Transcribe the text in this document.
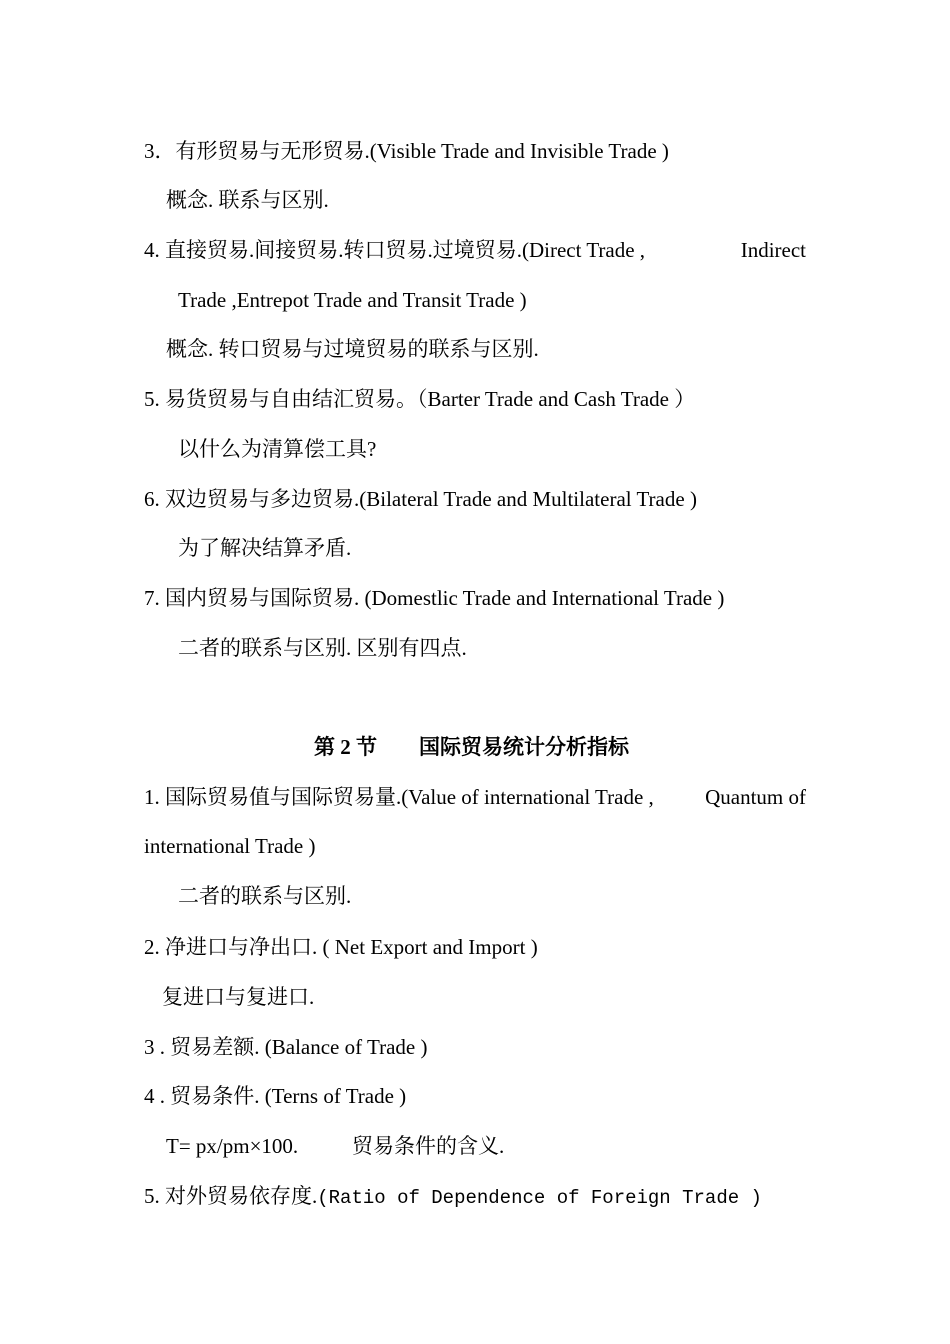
3．有形贸易与无形贸易.(Visible Trade and Invisible Trade )
概念. 联系与区别.
4. 直接贸易.间接贸易.转口贸易.过境贸易.(Direct Trade ,	Indirect
Trade ,Entrepot Trade and Transit Trade )
概念. 转口贸易与过境贸易的联系与区别.
5. 易货贸易与自由结汇贸易。（Barter Trade and Cash Trade ）
以什么为清算偿工具?
6. 双边贸易与多边贸易.(Bilateral Trade and Multilateral Trade )
为了解决结算矛盾.
7. 国内贸易与国际贸易. (Domestlic Trade and International Trade )
二者的联系与区别. 区别有四点.
第 2 节　　国际贸易统计分析指标
1. 国际贸易值与国际贸易量.(Value of international Trade , Quantum of
international Trade )
二者的联系与区别.
2. 净进口与净出口. ( Net Export and Import )
复进口与复进口.
3 . 贸易差额. (Balance of Trade )
4 . 贸易条件. (Terns of Trade )
T= px/pm×100.	贸易条件的含义.
5. 对外贸易依存度.(Ratio of Dependence of Foreign Trade )
